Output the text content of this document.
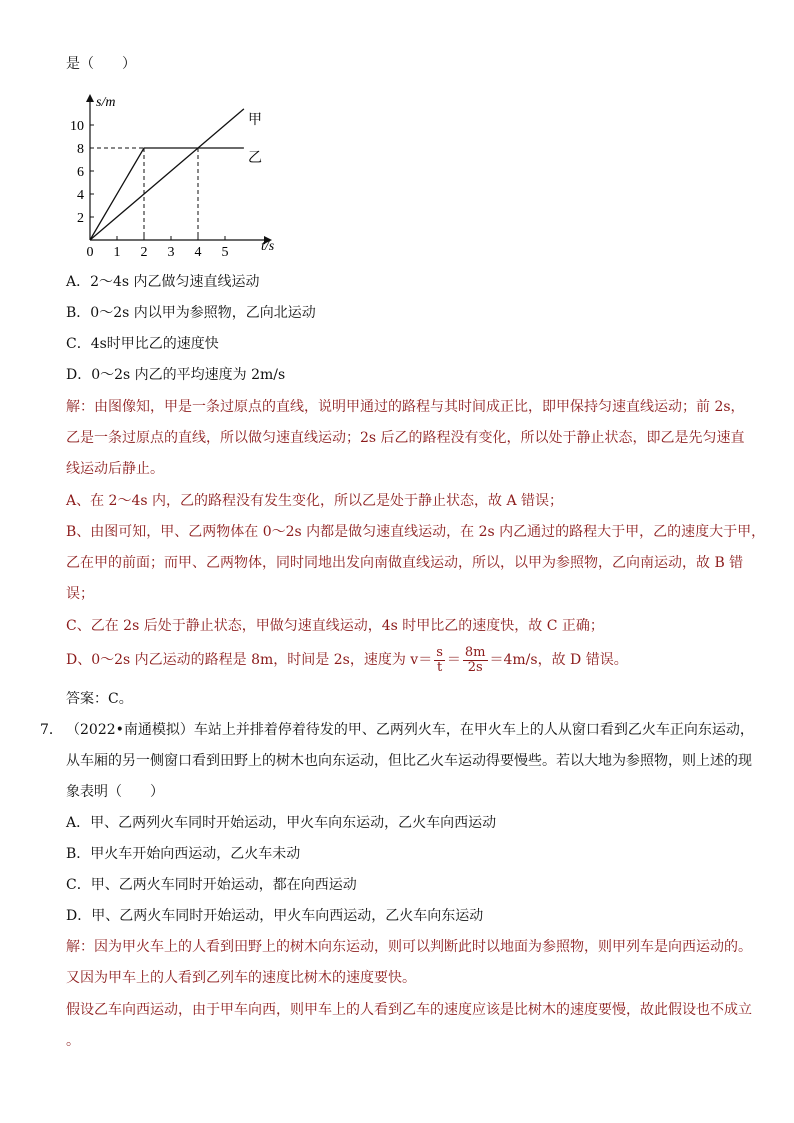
是（　　）
s/m
t/s
2
4
6
8
10
0 1 2 3 4 5
甲
乙
A．2～4s 内乙做匀速直线运动
B．0～2s 内以甲为参照物，乙向北运动
C．4s时甲比乙的速度快
D．0～2s 内乙的平均速度为 2m/s
解：由图像知，甲是一条过原点的直线，说明甲通过的路程与其时间成正比，即甲保持匀速直线运动；前 2s，
乙是一条过原点的直线，所以做匀速直线运动；2s 后乙的路程没有变化，所以处于静止状态，即乙是先匀速直
线运动后静止。
A、在 2～4s 内，乙的路程没有发生变化，所以乙是处于静止状态，故 A 错误；
B、由图可知，甲、乙两物体在 0～2s 内都是做匀速直线运动，在 2s 内乙通过的路程大于甲，乙的速度大于甲，
乙在甲的前面；而甲、乙两物体，同时同地出发向南做直线运动，所以，以甲为参照物，乙向南运动，故 B 错
误；
C、乙在 2s 后处于静止状态，甲做匀速直线运动，4s 时甲比乙的速度快，故 C 正确；
D、0～2s 内乙运动的路程是 8m，时间是 2s，速度为 $v= \frac{s}{t} = \frac{8m}{2s} =4m/s$，故 D 错误。
答案：C。
7． （2022•南通模拟）车站上并排着停着待发的甲、乙两列火车，在甲火车上的人从窗口看到乙火车正向东运动，
从车厢的另一侧窗口看到田野上的树木也向东运动，但比乙火车运动得要慢些。若以大地为参照物，则上述的现
象表明（　　）
A．甲、乙两列火车同时开始运动，甲火车向东运动，乙火车向西运动
B．甲火车开始向西运动，乙火车未动
C．甲、乙两火车同时开始运动，都在向西运动
D．甲、乙两火车同时开始运动，甲火车向西运动，乙火车向东运动
解：因为甲火车上的人看到田野上的树木向东运动，则可以判断此时以地面为参照物，则甲列车是向西运动的。
又因为甲车上的人看到乙列车的速度比树木的速度要快。
假设乙车向西运动，由于甲车向西，则甲车上的人看到乙车的速度应该是比树木的速度要慢，故此假设也不成立
。
